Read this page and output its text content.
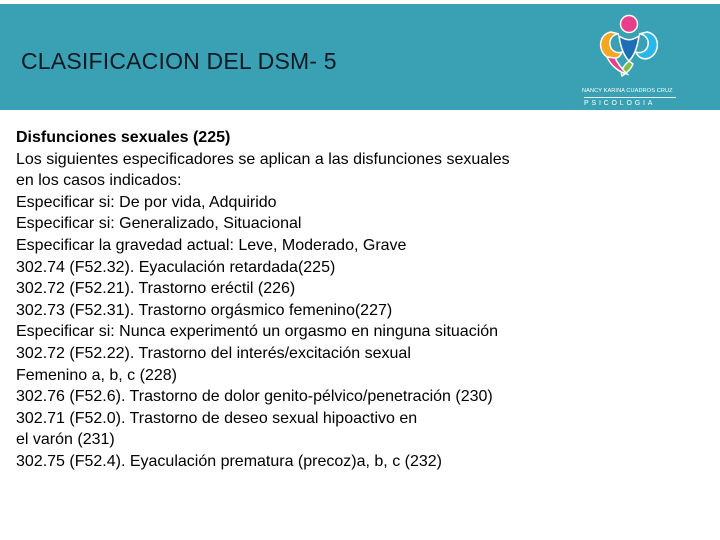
CLASIFICACION DEL DSM- 5
NANCY KARINA CUADROS CRUZ
PSICOLOGIA
Disfunciones sexuales (225)
Los siguientes especificadores se aplican a las disfunciones sexuales
en los casos indicados:
Especificar si: De por vida, Adquirido
Especificar si: Generalizado, Situacional
Especificar la gravedad actual: Leve, Moderado, Grave
302.74 (F52.32). Eyaculación retardada(225)
302.72 (F52.21). Trastorno eréctil (226)
302.73 (F52.31). Trastorno orgásmico femenino(227)
Especificar si: Nunca experimentó un orgasmo en ninguna situación
302.72 (F52.22). Trastorno del interés/excitación sexual
Femenino a, b, c (228)
302.76 (F52.6). Trastorno de dolor genito-pélvico/penetración (230)
302.71 (F52.0). Trastorno de deseo sexual hipoactivo en
el varón (231)
302.75 (F52.4). Eyaculación prematura (precoz)a, b, c (232)
